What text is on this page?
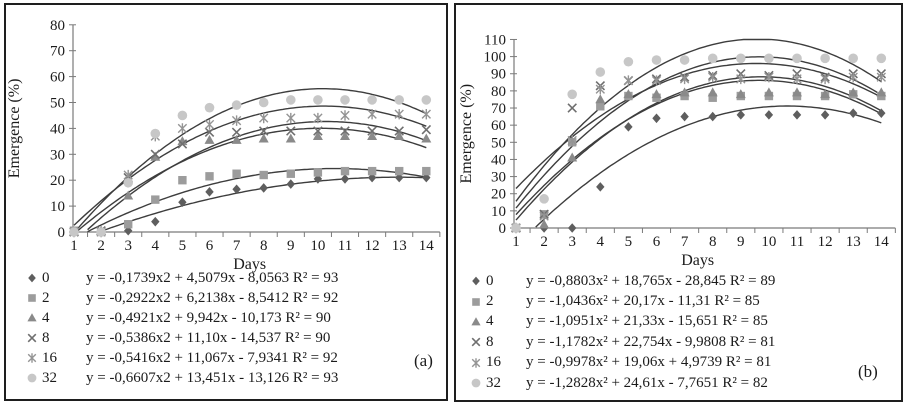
0
10
20
30
40
50
60
70
80
1 2 3 4 5 6 7 8 9 10 11 12 13 14
Days
Emergence (%)
0	y = -0,1739x2 + 4,5079x - 8,0563 R² = 93
2	y = -0,2922x2 + 6,2138x - 8,5412 R² = 92
4	y = -0,4921x2 + 9,942x - 10,173 R² = 90
8	y = -0,5386x2 + 11,10x - 14,537 R² = 90
16	y = -0,5416x2 + 11,067x - 7,9341 R² = 92
32	y = -0,6607x2 + 13,451x - 13,126 R² = 93
(a)
0
10
20
30
40
50
60
70
80
90
100
110
1 2 3 4 5 6 7 8 9 10 11 12 13 14
Days
Emergence (%)
0	y = -0,8803x² + 18,765x - 28,845 R² = 89
2	y = -1,0436x² + 20,17x - 11,31 R² = 85
4	y = -1,0951x² + 21,33x - 15,651 R² = 85
8	y = -1,1782x² + 22,754x - 9,9808 R² = 81
16	y = -0,9978x² + 19,06x + 4,9739 R² = 81
32	y = -1,2828x² + 24,61x - 7,7651 R² = 82
(b)
